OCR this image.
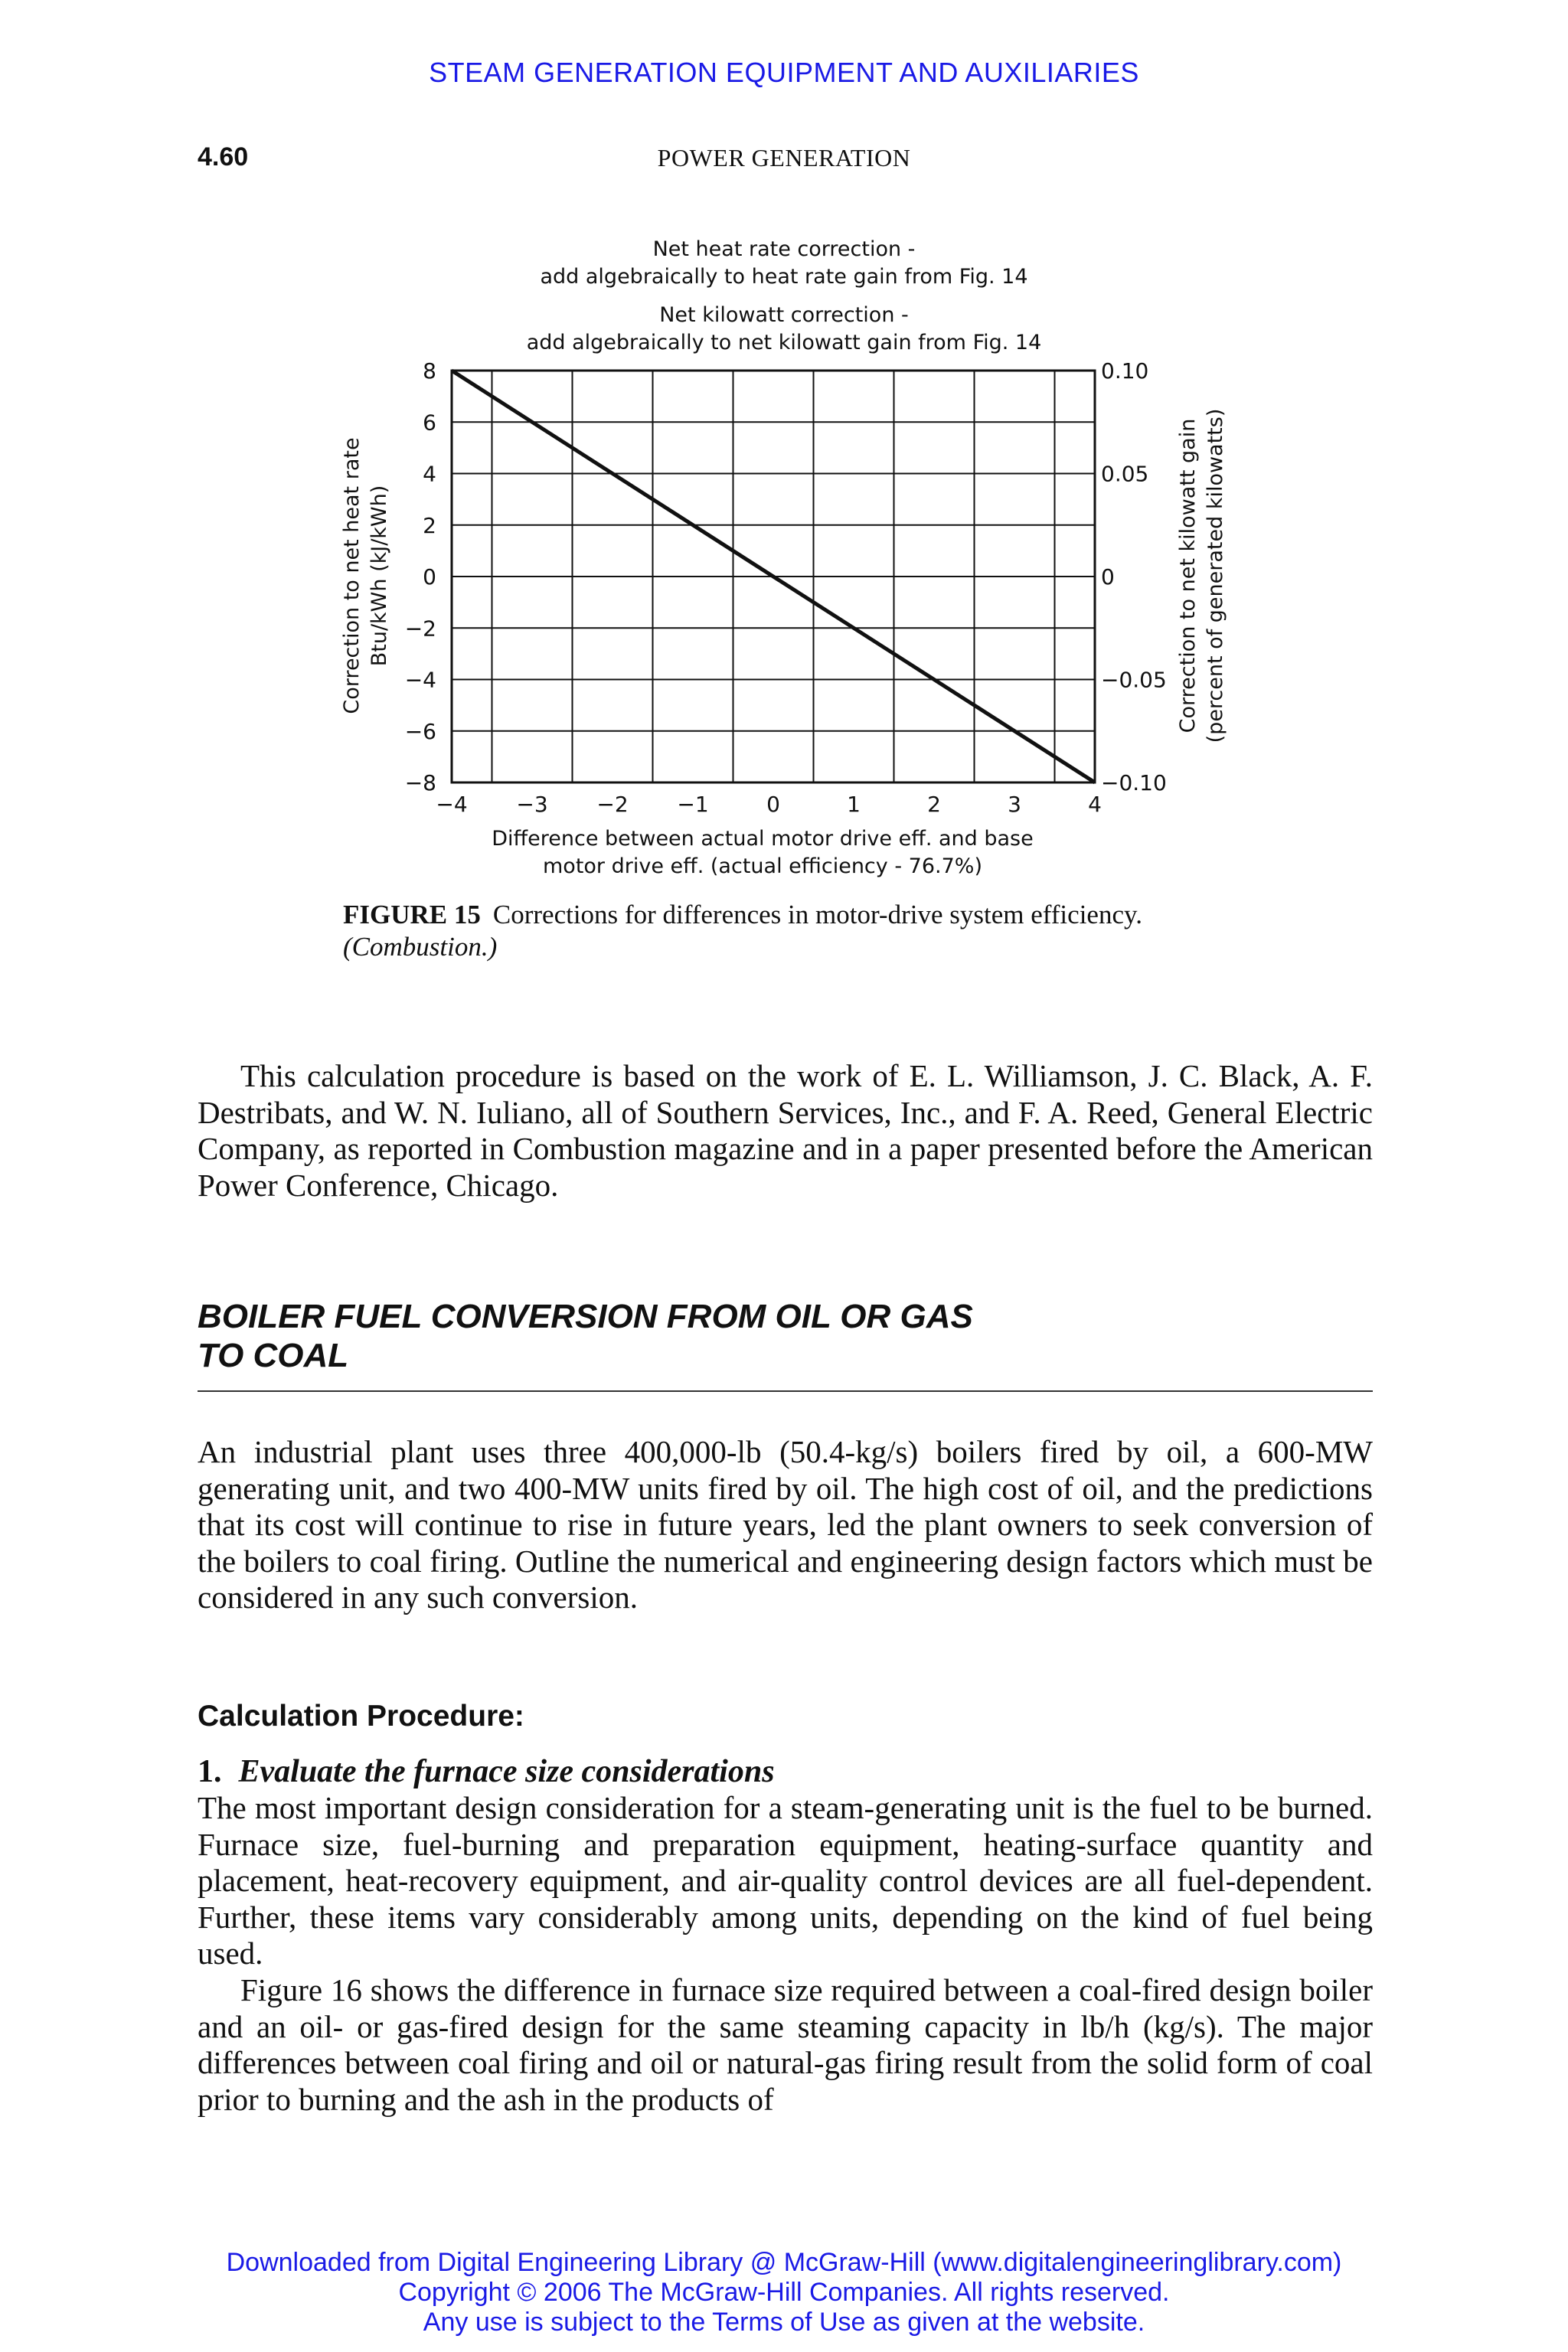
STEAM GENERATION EQUIPMENT AND AUXILIARIES
4.60	POWER GENERATION
Net heat rate correction -
add algebraically to heat rate gain from Fig. 14
Net kilowatt correction -
add algebraically to net kilowatt gain from Fig. 14
8
6
4
2
0
−2
−4
−6
−8
0.10
0.05
0
−0.05
−0.10
−4 −3 −2 −1	0	1	2	3	4
Correction to net heat rate Btu/kWh (kJ/kWh)	Correction to net kilowatt gain (percent of generated kilowatts)
Difference between actual motor drive eff. and base
motor drive eff. (actual efficiency - 76.7%)
FIGURE 15 Corrections for differences in motor-drive system efficiency.
(Combustion.)
This calculation procedure is based on the work of E. L. Williamson, J. C. Black, A. F. Destribats, and W. N. Iuliano, all of Southern Services, Inc., and F. A. Reed, General Electric Company, as reported in Combustion magazine and in a paper presented before the American Power Conference, Chicago.
BOILER FUEL CONVERSION FROM OIL OR GAS
TO COAL
An industrial plant uses three 400,000-lb (50.4-kg/s) boilers fired by oil, a 600-MW generating unit, and two 400-MW units fired by oil. The high cost of oil, and the predictions that its cost will continue to rise in future years, led the plant owners to seek conversion of the boilers to coal firing. Outline the numerical and engineering design factors which must be considered in any such conversion.
Calculation Procedure:
1. Evaluate the furnace size considerations
The most important design consideration for a steam-generating unit is the fuel to be burned. Furnace size, fuel-burning and preparation equipment, heating-surface quantity and placement, heat-recovery equipment, and air-quality control devices are all fuel-dependent. Further, these items vary considerably among units, depending on the kind of fuel being used.
Figure 16 shows the difference in furnace size required between a coal-fired design boiler and an oil- or gas-fired design for the same steaming capacity in lb/h (kg/s). The major differences between coal firing and oil or natural-gas firing result from the solid form of coal prior to burning and the ash in the products of
Downloaded from Digital Engineering Library @ McGraw-Hill (www.digitalengineeringlibrary.com)
Copyright © 2006 The McGraw-Hill Companies. All rights reserved.
Any use is subject to the Terms of Use as given at the website.
